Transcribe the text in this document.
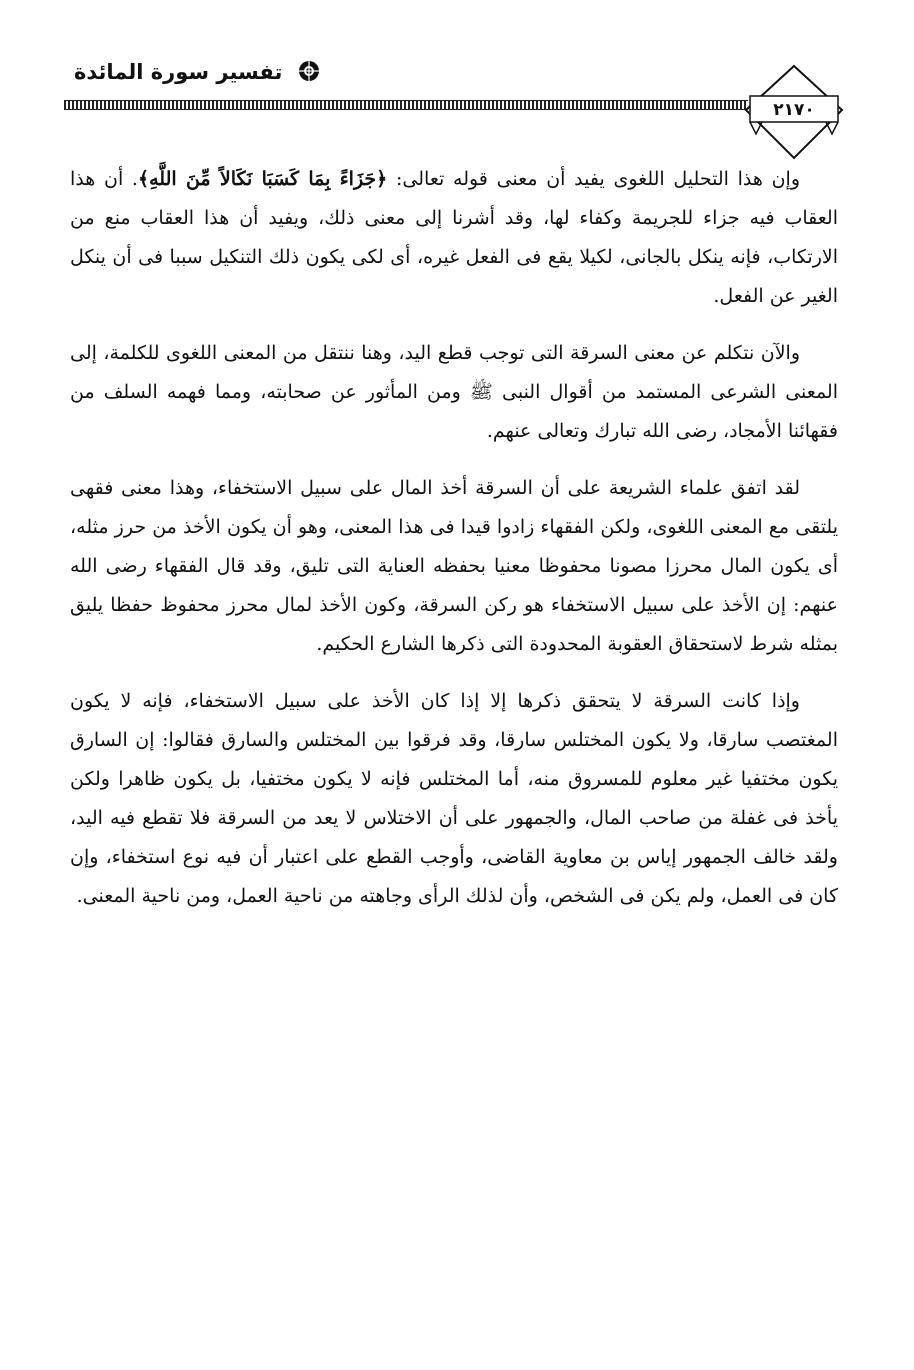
تفسير سورة المائدة
٢١٧٠

وإن هذا التحليل اللغوى يفيد أن معنى قوله تعالى: ﴿جَزَاءً بِمَا كَسَبَا نَكَالاً مِّنَ اللَّهِ﴾. أن هذا العقاب فيه جزاء للجريمة وكفاء لها، وقد أشرنا إلى معنى ذلك، ويفيد أن هذا العقاب منع من الارتكاب، فإنه ينكل بالجانى، لكيلا يقع فى الفعل غيره، أى لكى يكون ذلك التنكيل سببا فى أن ينكل الغير عن الفعل.

والآن نتكلم عن معنى السرقة التى توجب قطع اليد، وهنا ننتقل من المعنى اللغوى للكلمة، إلى المعنى الشرعى المستمد من أقوال النبى ﷺ ومن المأثور عن صحابته، ومما فهمه السلف من فقهائنا الأمجاد، رضى الله تبارك وتعالى عنهم.

لقد اتفق علماء الشريعة على أن السرقة أخذ المال على سبيل الاستخفاء، وهذا معنى فقهى يلتقى مع المعنى اللغوى، ولكن الفقهاء زادوا قيدا فى هذا المعنى، وهو أن يكون الأخذ من حرز مثله، أى يكون المال محرزا مصونا محفوظا معنيا بحفظه العناية التى تليق، وقد قال الفقهاء رضى الله عنهم: إن الأخذ على سبيل الاستخفاء هو ركن السرقة، وكون الأخذ لمال محرز محفوظ حفظا يليق بمثله شرط لاستحقاق العقوبة المحدودة التى ذكرها الشارع الحكيم.

وإذا كانت السرقة لا يتحقق ذكرها إلا إذا كان الأخذ على سبيل الاستخفاء، فإنه لا يكون المغتصب سارقا، ولا يكون المختلس سارقا، وقد فرقوا بين المختلس والسارق فقالوا: إن السارق يكون مختفيا غير معلوم للمسروق منه، أما المختلس فإنه لا يكون مختفيا، بل يكون ظاهرا ولكن يأخذ فى غفلة من صاحب المال، والجمهور على أن الاختلاس لا يعد من السرقة فلا تقطع فيه اليد، ولقد خالف الجمهور إياس بن معاوية القاضى، وأوجب القطع على اعتبار أن فيه نوع استخفاء، وإن كان فى العمل، ولم يكن فى الشخص، وأن لذلك الرأى وجاهته من ناحية العمل، ومن ناحية المعنى.
